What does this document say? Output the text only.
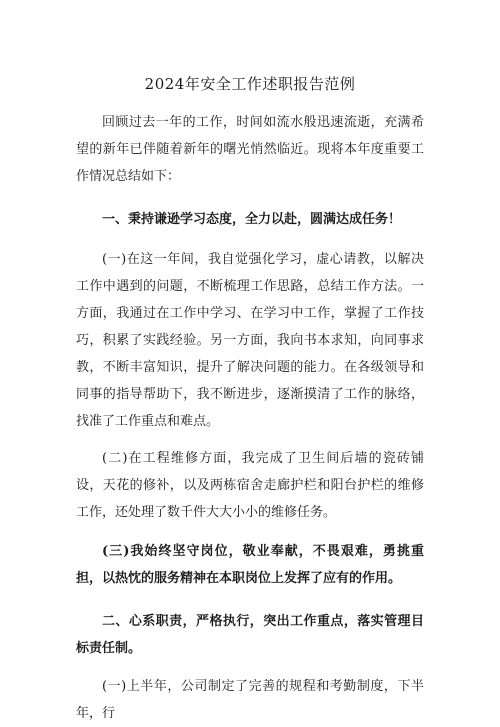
2024年安全工作述职报告范例

回顾过去一年的工作，时间如流水般迅速流逝，充满希望的新年已伴随着新年的曙光悄然临近。现将本年度重要工作情况总结如下：

一、秉持谦逊学习态度，全力以赴，圆满达成任务！

(一)在这一年间，我自觉强化学习，虚心请教，以解决工作中遇到的问题，不断梳理工作思路，总结工作方法。一方面，我通过在工作中学习、在学习中工作，掌握了工作技巧，积累了实践经验。另一方面，我向书本求知，向同事求教，不断丰富知识，提升了解决问题的能力。在各级领导和同事的指导帮助下，我不断进步，逐渐摸清了工作的脉络，找准了工作重点和难点。

(二)在工程维修方面，我完成了卫生间后墙的瓷砖铺设，天花的修补，以及两栋宿舍走廊护栏和阳台护栏的维修工作，还处理了数千件大大小小的维修任务。

(三)我始终坚守岗位，敬业奉献，不畏艰难，勇挑重担，以热忱的服务精神在本职岗位上发挥了应有的作用。

二、心系职责，严格执行，突出工作重点，落实管理目标责任制。

(一)上半年，公司制定了完善的规程和考勤制度，下半年，行
